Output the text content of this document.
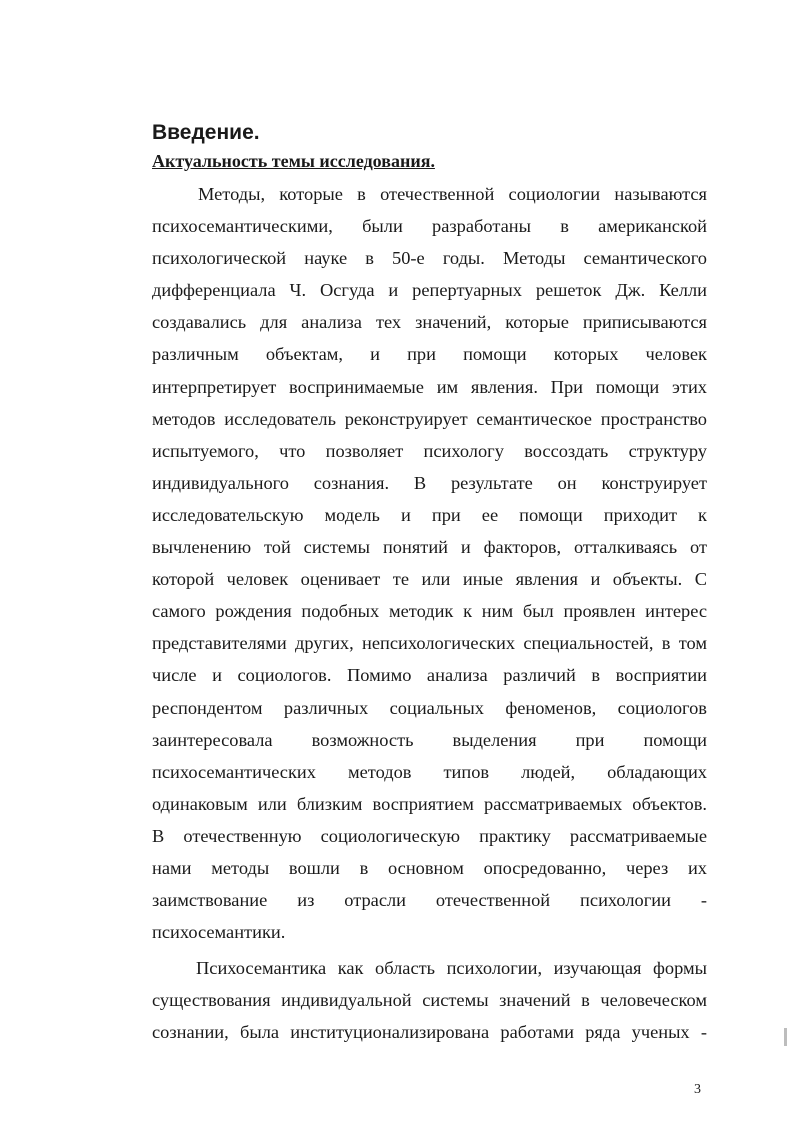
Введение.
Актуальность темы исследования.
Методы, которые в отечественной социологии называются
психосемантическими, были разработаны в американской
психологической науке в 50-е годы. Методы семантического
дифференциала Ч. Осгуда и репертуарных решеток Дж. Келли
создавались для анализа тех значений, которые приписываются
различным объектам, и при помощи которых человек
интерпретирует воспринимаемые им явления. При помощи этих
методов исследователь реконструирует семантическое пространство
испытуемого, что позволяет психологу воссоздать структуру
индивидуального сознания. В результате он конструирует
исследовательскую модель и при ее помощи приходит к
вычленению той системы понятий и факторов, отталкиваясь от
которой человек оценивает те или иные явления и объекты. С
самого рождения подобных методик к ним был проявлен интерес
представителями других, непсихологических специальностей, в том
числе и социологов. Помимо анализа различий в восприятии
респондентом различных социальных феноменов, социологов
заинтересовала возможность выделения при помощи
психосемантических методов типов людей, обладающих
одинаковым или близким восприятием рассматриваемых объектов.
В отечественную социологическую практику рассматриваемые
нами методы вошли в основном опосредованно, через их
заимствование из отрасли отечественной психологии -
психосемантики.
Психосемантика как область психологии, изучающая формы
существования индивидуальной системы значений в человеческом
сознании, была институционализирована работами ряда ученых -
3
